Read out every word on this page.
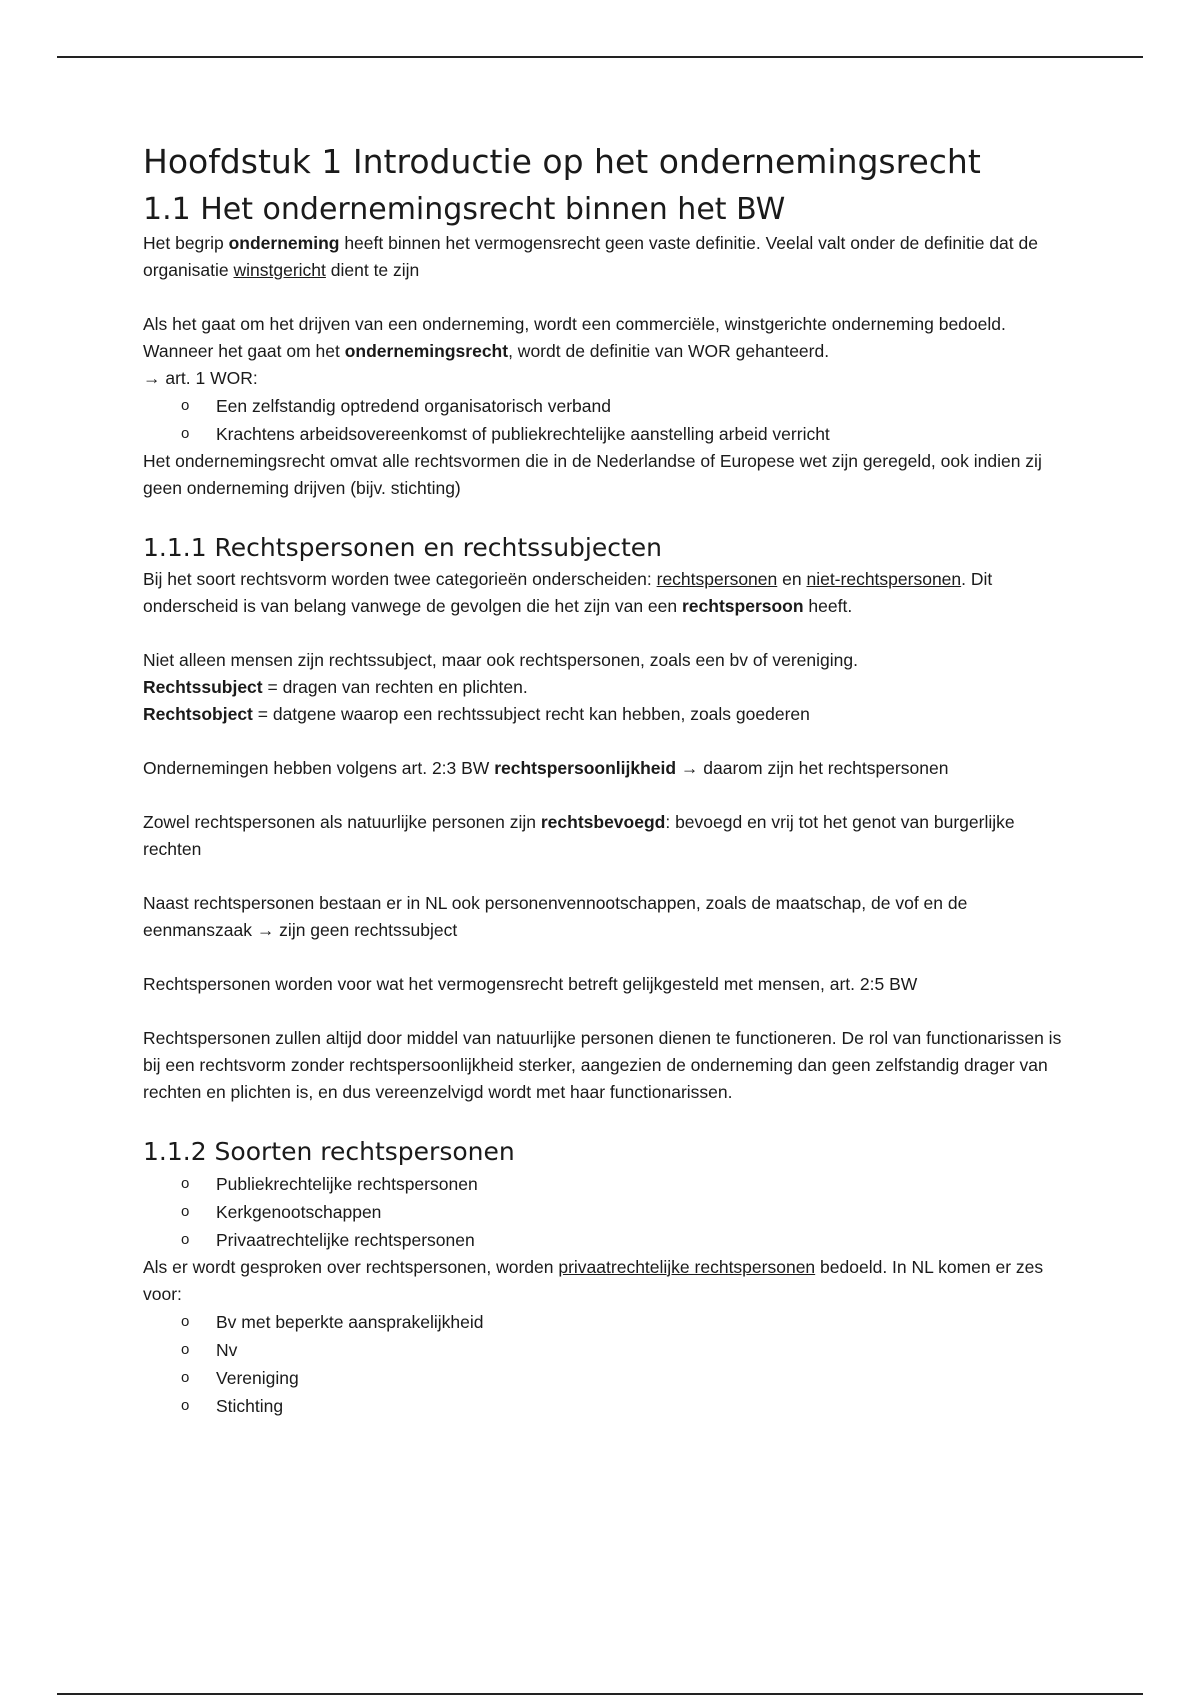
Hoofdstuk 1 Introductie op het ondernemingsrecht
1.1 Het ondernemingsrecht binnen het BW

Het begrip onderneming heeft binnen het vermogensrecht geen vaste definitie. Veelal valt onder de definitie dat de organisatie winstgericht dient te zijn

Als het gaat om het drijven van een onderneming, wordt een commerciële, winstgerichte onderneming bedoeld. Wanneer het gaat om het ondernemingsrecht, wordt de definitie van WOR gehanteerd.

→ art. 1 WOR:

o Een zelfstandig optredend organisatorisch verband
o Krachtens arbeidsovereenkomst of publiekrechtelijke aanstelling arbeid verricht

Het ondernemingsrecht omvat alle rechtsvormen die in de Nederlandse of Europese wet zijn geregeld, ook indien zij geen onderneming drijven (bijv. stichting)

1.1.1 Rechtspersonen en rechtssubjecten

Bij het soort rechtsvorm worden twee categorieën onderscheiden: rechtspersonen en niet-rechtspersonen. Dit onderscheid is van belang vanwege de gevolgen die het zijn van een rechtspersoon heeft.

Niet alleen mensen zijn rechtssubject, maar ook rechtspersonen, zoals een bv of vereniging.

Rechtssubject = dragen van rechten en plichten.

Rechtsobject = datgene waarop een rechtssubject recht kan hebben, zoals goederen

Ondernemingen hebben volgens art. 2:3 BW rechtspersoonlijkheid → daarom zijn het rechtspersonen

Zowel rechtspersonen als natuurlijke personen zijn rechtsbevoegd: bevoegd en vrij tot het genot van burgerlijke rechten

Naast rechtspersonen bestaan er in NL ook personenvennootschappen, zoals de maatschap, de vof en de eenmanszaak → zijn geen rechtssubject

Rechtspersonen worden voor wat het vermogensrecht betreft gelijkgesteld met mensen, art. 2:5 BW

Rechtspersonen zullen altijd door middel van natuurlijke personen dienen te functioneren. De rol van functionarissen is bij een rechtsvorm zonder rechtspersoonlijkheid sterker, aangezien de onderneming dan geen zelfstandig drager van rechten en plichten is, en dus vereenzelvigd wordt met haar functionarissen.

1.1.2 Soorten rechtspersonen
o Publiekrechtelijke rechtspersonen
o Kerkgenootschappen
o Privaatrechtelijke rechtspersonen

Als er wordt gesproken over rechtspersonen, worden privaatrechtelijke rechtspersonen bedoeld. In NL komen er zes voor:

o Bv met beperkte aansprakelijkheid
o Nv
o Vereniging
o Stichting
